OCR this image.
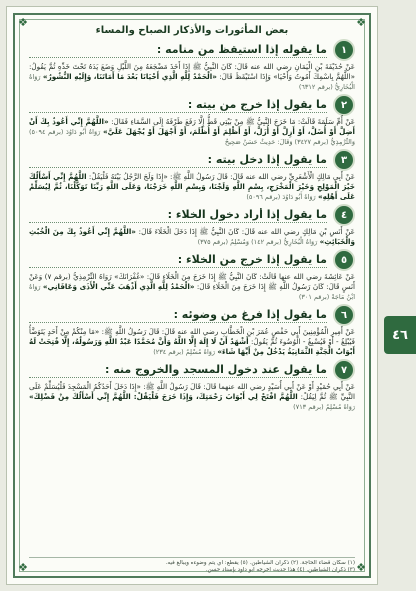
❖	❖
❖	❖
بعض المأثورات والأذكار الصباح والمساء
١
ما يقوله إذا استيقظ من منامه :
عَنْ حُذَيْفَةَ بْنِ الْيَمَانِ رضي الله عنه قَالَ: كَانَ النَّبِيُّ ﷺ إِذَا أَخَذَ مَضْجَعَهُ مِنَ اللَّيْلِ وَضَعَ يَدَهُ تَحْتَ خَدِّهِ ثُمَّ يَقُولُ: «اللَّهُمَّ بِاسْمِكَ أَمُوتُ وَأَحْيَا» وَإِذَا اسْتَيْقَظَ قَالَ: «الْحَمْدُ لِلَّهِ الَّذِي أَحْيَانَا بَعْدَ مَا أَمَاتَنَا، وَإِلَيْهِ النُّشُورُ» رَوَاهُ الْبُخَارِيُّ (برقم ٦٣١٢)
٢
ما يقول إذا خرج من بيته :
عَنْ أُمِّ سَلَمَةَ قَالَتْ: مَا خَرَجَ النَّبِيُّ ﷺ مِنْ بَيْتِي قَطُّ إِلَّا رَفَعَ طَرْفَهُ إِلَى السَّمَاءِ فَقَالَ: «اللَّهُمَّ إِنِّي أَعُوذُ بِكَ أَنْ أَضِلَّ أَوْ أُضَلَّ، أَوْ أَزِلَّ أَوْ أُزَلَّ، أَوْ أَظْلِمَ أَوْ أُظْلَمَ، أَوْ أَجْهَلَ أَوْ يُجْهَلَ عَلَيَّ» رَوَاهُ أَبُو دَاوُدَ (برقم ٥٠٩٤) وَالتِّرْمِذِيُّ (برقم ٣٤٢٧) وَقَالَ: حَدِيثٌ حَسَنٌ صَحِيحٌ
٣
ما يقول إذا دخل بيته :
عَنْ أَبِي مَالِكٍ الْأَشْعَرِيِّ رضي الله عنه قَالَ: قَالَ رَسُولُ اللَّهِ ﷺ: «إِذَا وَلَجَ الرَّجُلُ بَيْتَهُ فَلْيَقُلْ: اللَّهُمَّ إِنِّي أَسْأَلُكَ خَيْرَ الْمَوْلِجِ وَخَيْرَ الْمَخْرَجِ، بِسْمِ اللَّهِ وَلَجْنَا، وَبِسْمِ اللَّهِ خَرَجْنَا، وَعَلَى اللَّهِ رَبِّنَا تَوَكَّلْنَا، ثُمَّ لِيُسَلِّمْ عَلَى أَهْلِهِ» رَوَاهُ أَبُو دَاوُدَ (برقم ٥٠٩٦)
٤
ما يقول إذا أراد دخول الخلاء :
عَنْ أَنَسِ بْنِ مَالِكٍ رضي الله عنه قَالَ: كَانَ النَّبِيُّ ﷺ إِذَا دَخَلَ الْخَلَاءَ قَالَ: «اللَّهُمَّ إِنِّي أَعُوذُ بِكَ مِنَ الْخُبُثِ وَالْخَبَائِثِ» رَوَاهُ الْبُخَارِيُّ (برقم ١٤٢) وَمُسْلِمٌ (برقم ٣٧٥)
٥
ما يقول إذا خرج من الخلاء :
عَنْ عَائِشَةَ رضي الله عنها قَالَتْ: كَانَ النَّبِيُّ ﷺ إِذَا خَرَجَ مِنَ الْخَلَاءِ قَالَ: «غُفْرَانَكَ» رَوَاهُ التِّرْمِذِيُّ (برقم ٧) وَعَنْ أَنَسٍ قَالَ: كَانَ رَسُولُ اللَّهِ ﷺ إِذَا خَرَجَ مِنَ الْخَلَاءِ قَالَ: «الْحَمْدُ لِلَّهِ الَّذِي أَذْهَبَ عَنِّي الْأَذَى وَعَافَانِي» رَوَاهُ ابْنُ مَاجَهْ (برقم ٣٠١)
٦
ما يقول إذا فرغ من وضوئه :
عَنْ أَمِيرِ الْمُؤْمِنِينَ أَبِي حَفْصٍ عُمَرَ بْنِ الْخَطَّابِ رضي الله عنه قَالَ: قَالَ رَسُولُ اللَّهِ ﷺ: «مَا مِنْكُمْ مِنْ أَحَدٍ يَتَوَضَّأُ فَيُبْلِغُ - أَوْ فَيُسْبِغُ - الْوُضُوءَ ثُمَّ يَقُولُ: أَشْهَدُ أَنْ لَا إِلَهَ إِلَّا اللَّهُ وَأَنَّ مُحَمَّدًا عَبْدُ اللَّهِ وَرَسُولُهُ، إِلَّا فُتِحَتْ لَهُ أَبْوَابُ الْجَنَّةِ الثَّمَانِيَةُ يَدْخُلُ مِنْ أَيِّهَا شَاءَ» رَوَاهُ مُسْلِمٌ (برقم ٢٣٤)
٧
ما يقول عند دخول المسجد والخروج منه :
عَنْ أَبِي حُمَيْدٍ أَوْ عَنْ أَبِي أُسَيْدٍ رضي الله عنهما قَالَ: قَالَ رَسُولُ اللَّهِ ﷺ: «إِذَا دَخَلَ أَحَدُكُمُ الْمَسْجِدَ فَلْيُسَلِّمْ عَلَى النَّبِيِّ ﷺ ثُمَّ لِيَقُلْ: اللَّهُمَّ افْتَحْ لِي أَبْوَابَ رَحْمَتِكَ، وَإِذَا خَرَجَ فَلْيَقُلْ: اللَّهُمَّ إِنِّي أَسْأَلُكَ مِنْ فَضْلِكَ» رَوَاهُ مُسْلِمٌ (برقم ٧١٣)
(١) سكان قضاء الحاجة. (٢) ذكران الشياطين. (٥) يقطع: أي يتم وضوءه ويبالغ فيه.
(٣) ذكران الشياطين. (٤) هذا حديث أخرجه أبو داود بإسناد حسن.
٤٦
